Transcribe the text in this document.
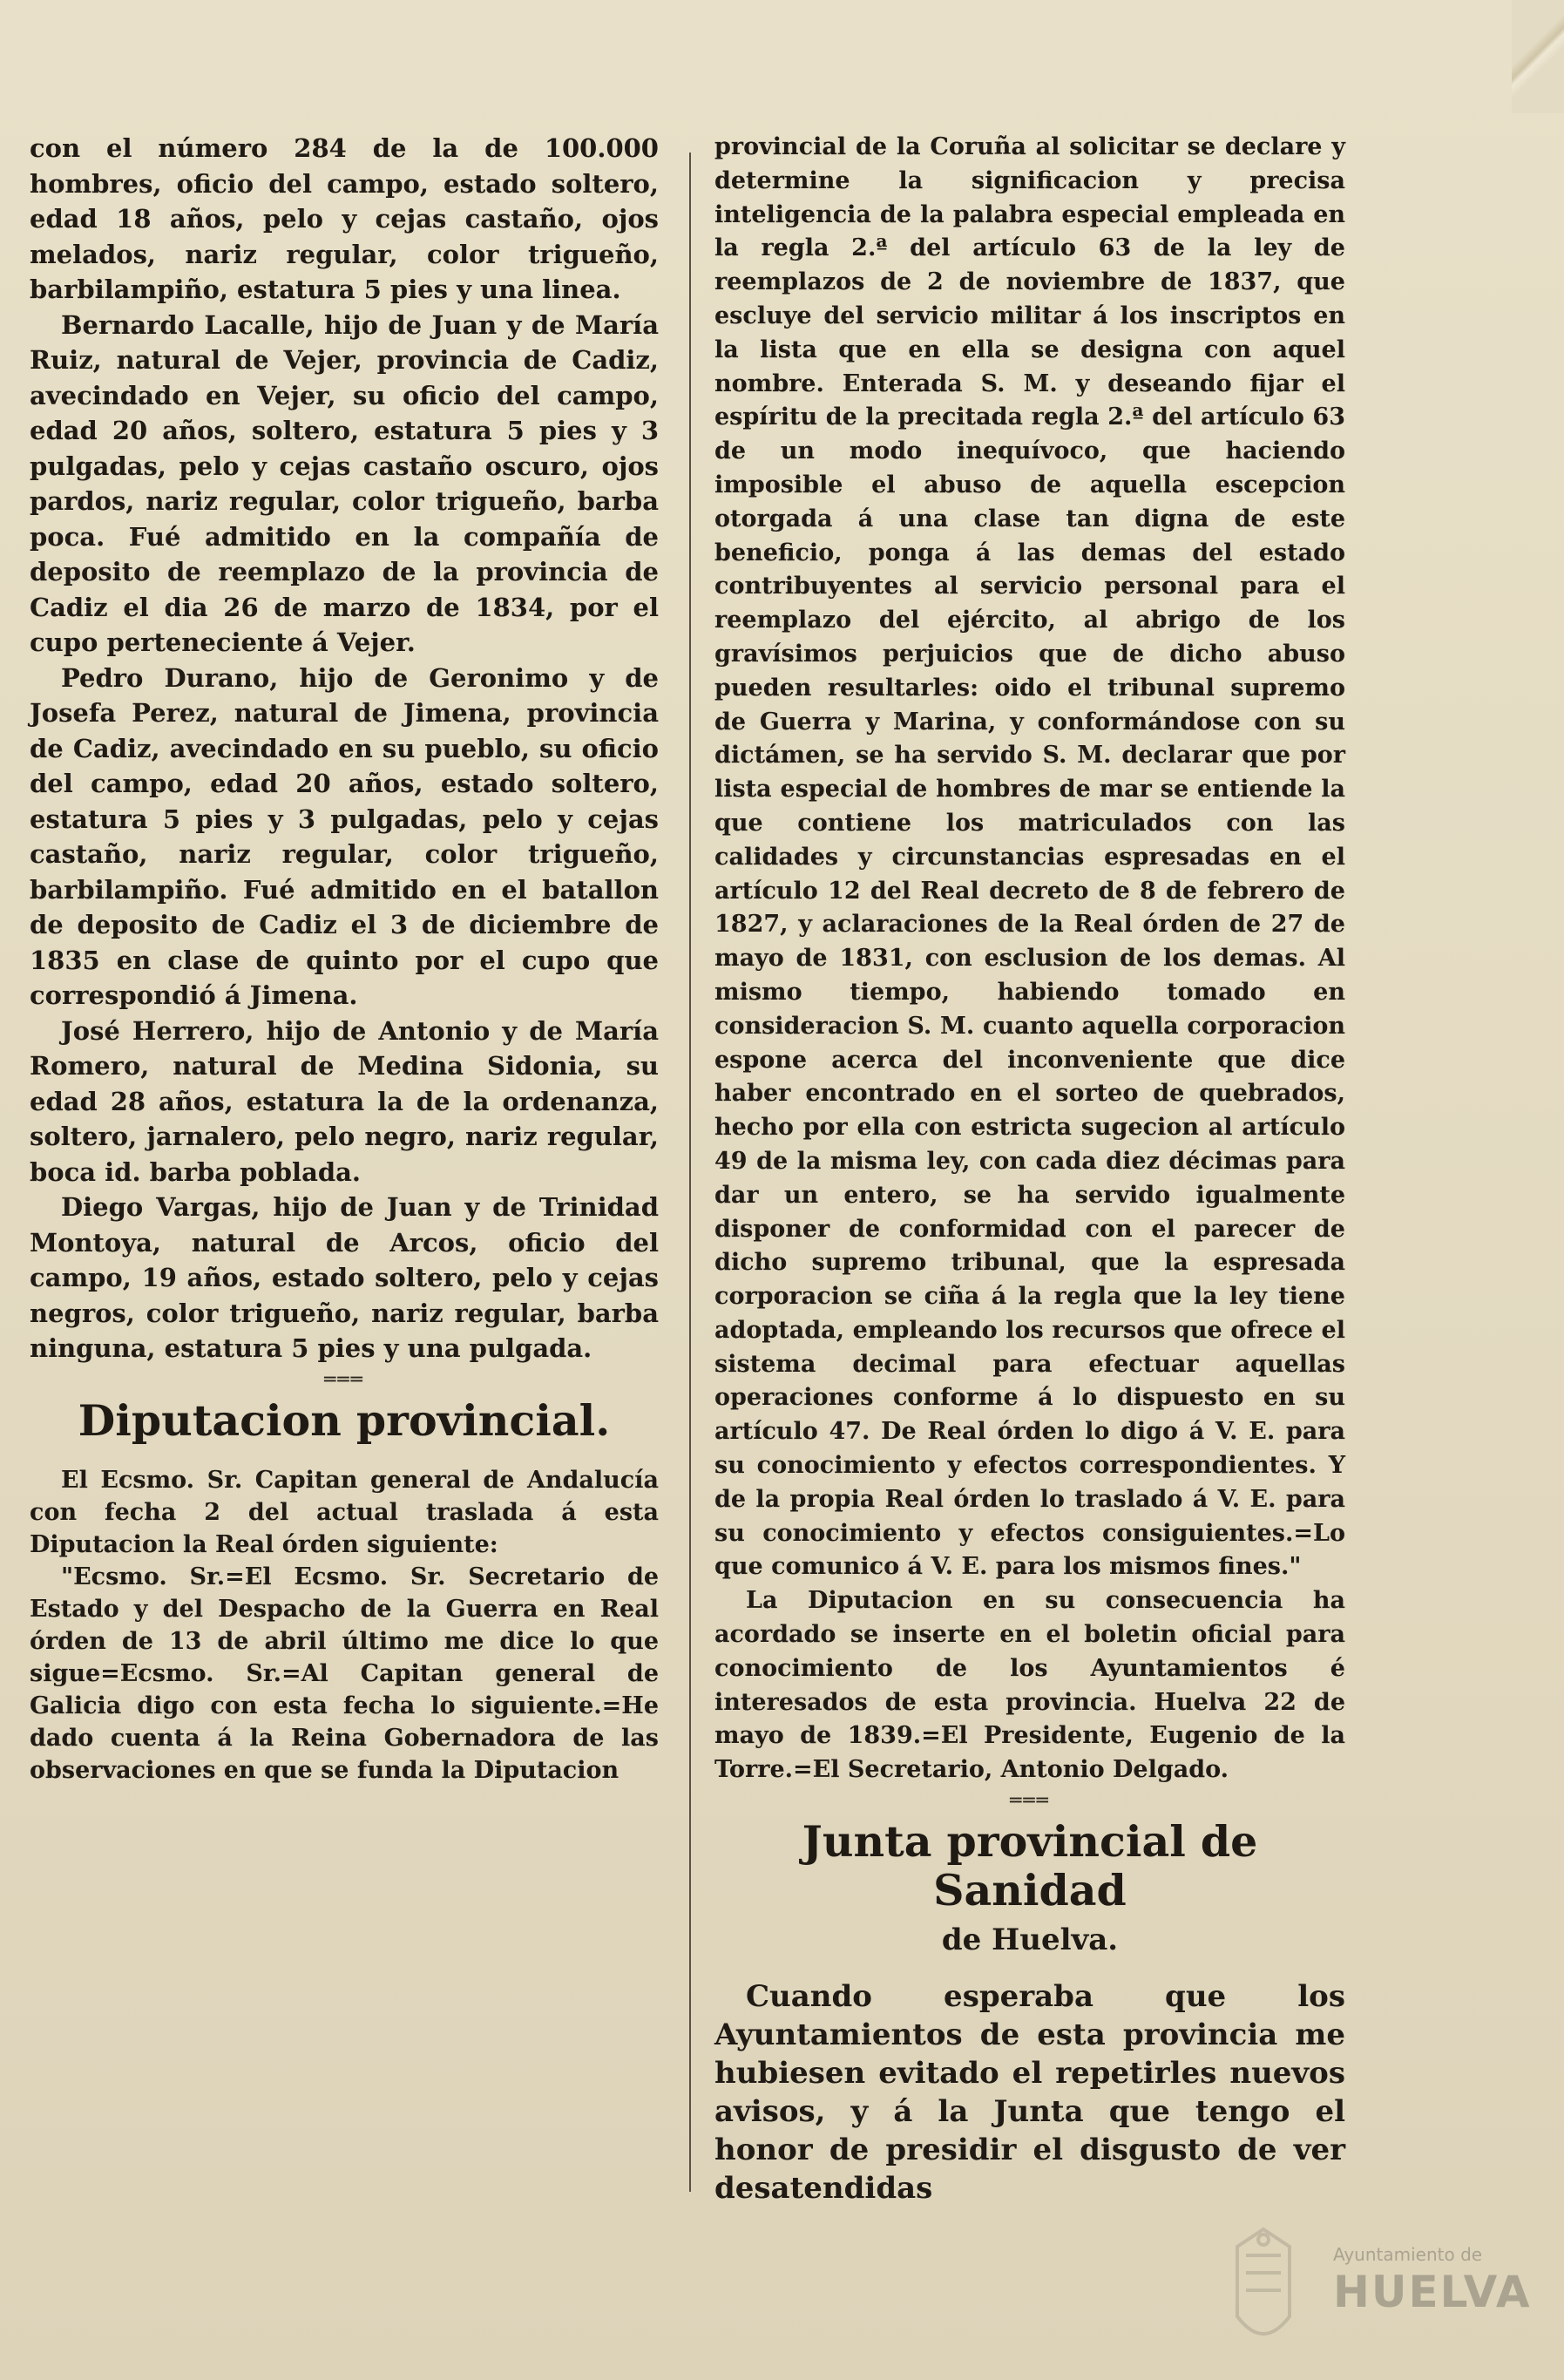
con el número 284 de la de 100.000 hombres, oficio del campo, estado soltero, edad 18 años, pelo y cejas castaño, ojos melados, nariz regular, color trigueño, barbilampiño, estatura 5 pies y una linea.

Bernardo Lacalle, hijo de Juan y de María Ruiz, natural de Vejer, provincia de Cadiz, avecindado en Vejer, su oficio del campo, edad 20 años, soltero, estatura 5 pies y 3 pulgadas, pelo y cejas castaño oscuro, ojos pardos, nariz regular, color trigueño, barba poca. Fué admitido en la compañía de deposito de reemplazo de la provincia de Cadiz el dia 26 de marzo de 1834, por el cupo perteneciente á Vejer.

Pedro Durano, hijo de Geronimo y de Josefa Perez, natural de Jimena, provincia de Cadiz, avecindado en su pueblo, su oficio del campo, edad 20 años, estado soltero, estatura 5 pies y 3 pulgadas, pelo y cejas castaño, nariz regular, color trigueño, barbilampiño. Fué admitido en el batallon de deposito de Cadiz el 3 de diciembre de 1835 en clase de quinto por el cupo que correspondió á Jimena.

José Herrero, hijo de Antonio y de María Romero, natural de Medina Sidonia, su edad 28 años, estatura la de la ordenanza, soltero, jarnalero, pelo negro, nariz regular, boca id. barba poblada.

Diego Vargas, hijo de Juan y de Trinidad Montoya, natural de Arcos, oficio del campo, 19 años, estado soltero, pelo y cejas negros, color trigueño, nariz regular, barba ninguna, estatura 5 pies y una pulgada.

═══
Diputacion provincial.

El Ecsmo. Sr. Capitan general de Andalucía con fecha 2 del actual traslada á esta Diputacion la Real órden siguiente:

"Ecsmo. Sr.=El Ecsmo. Sr. Secretario de Estado y del Despacho de la Guerra en Real órden de 13 de abril último me dice lo que sigue=Ecsmo. Sr.=Al Capitan general de Galicia digo con esta fecha lo siguiente.=He dado cuenta á la Reina Gobernadora de las observaciones en que se funda la Diputacion

provincial de la Coruña al solicitar se declare y determine la significacion y precisa inteligencia de la palabra especial empleada en la regla 2.ª del artículo 63 de la ley de reemplazos de 2 de noviembre de 1837, que escluye del servicio militar á los inscriptos en la lista que en ella se designa con aquel nombre. Enterada S. M. y deseando fijar el espíritu de la precitada regla 2.ª del artículo 63 de un modo inequívoco, que haciendo imposible el abuso de aquella escepcion otorgada á una clase tan digna de este beneficio, ponga á las demas del estado contribuyentes al servicio personal para el reemplazo del ejército, al abrigo de los gravísimos perjuicios que de dicho abuso pueden resultarles: oido el tribunal supremo de Guerra y Marina, y conformándose con su dictámen, se ha servido S. M. declarar que por lista especial de hombres de mar se entiende la que contiene los matriculados con las calidades y circunstancias espresadas en el artículo 12 del Real decreto de 8 de febrero de 1827, y aclaraciones de la Real órden de 27 de mayo de 1831, con esclusion de los demas. Al mismo tiempo, habiendo tomado en consideracion S. M. cuanto aquella corporacion espone acerca del inconveniente que dice haber encontrado en el sorteo de quebrados, hecho por ella con estricta sugecion al artículo 49 de la misma ley, con cada diez décimas para dar un entero, se ha servido igualmente disponer de conformidad con el parecer de dicho supremo tribunal, que la espresada corporacion se ciña á la regla que la ley tiene adoptada, empleando los recursos que ofrece el sistema decimal para efectuar aquellas operaciones conforme á lo dispuesto en su artículo 47. De Real órden lo digo á V. E. para su conocimiento y efectos correspondientes. Y de la propia Real órden lo traslado á V. E. para su conocimiento y efectos consiguientes.=Lo que comunico á V. E. para los mismos fines."

La Diputacion en su consecuencia ha acordado se inserte en el boletin oficial para conocimiento de los Ayuntamientos é interesados de esta provincia. Huelva 22 de mayo de 1839.=El Presidente, Eugenio de la Torre.=El Secretario, Antonio Delgado.

═══
Junta provincial de Sanidad
de Huelva.

Cuando esperaba que los Ayuntamientos de esta provincia me hubiesen evitado el repetirles nuevos avisos, y á la Junta que tengo el honor de presidir el disgusto de ver desatendidas

Ayuntamiento de
HUELVA
